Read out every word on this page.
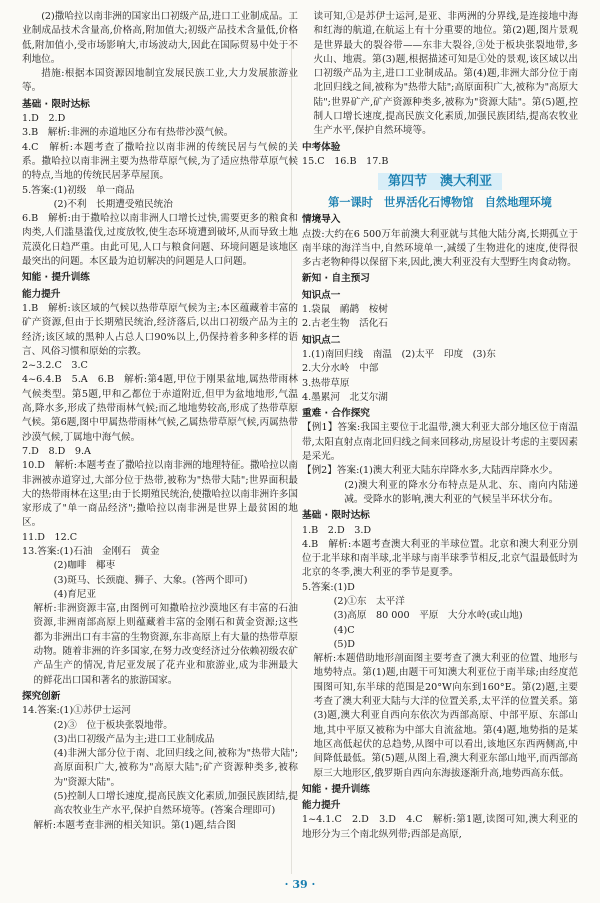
(2)撒哈拉以南非洲的国家出口初级产品,进口工业制成品。工业制成品技术含量高,价格高,附加值大;初级产品技术含量低,价格低,附加值小,受市场影响大,市场波动大,因此在国际贸易中处于不利地位。

措施:根据本国资源因地制宜发展民族工业,大力发展旅游业等。

基础 · 限时达标

1.D　2.D

3.B　解析:非洲的赤道地区分布有热带沙漠气候。

4.C　解析:本题考查了撒哈拉以南非洲的传统民居与气候的关系。撒哈拉以南非洲主要为热带草原气候,为了适应热带草原气候的特点,当地的传统民居茅草屋顶。

5.答案:(1)初级　单一商品

(2)不利　长期遭受殖民统治

6.B　解析:由于撒哈拉以南非洲人口增长过快,需要更多的粮食和肉类,人们滥垦滥伐,过度放牧,使生态环境遭到破坏,从而导致土地荒漠化日趋严重。由此可见,人口与粮食问题、环境问题是该地区最突出的问题。本区最为迫切解决的问题是人口问题。

知能 · 提升训练

能力提升

1.B　解析:该区域的气候以热带草原气候为主;本区蕴藏着丰富的矿产资源,但由于长期殖民统治,经济落后,以出口初级产品为主的经济;该区域的黑种人占总人口90%以上,仍保持着多种多样的语言、风俗习惯和原始的宗教。

2~3.2.C　3.C

4~6.4.B　5.A　6.B　解析:第4题,甲位于刚果盆地,属热带雨林气候类型。第5题,甲和乙都位于赤道附近,但甲为盆地地形,气温高,降水多,形成了热带雨林气候;而乙地地势较高,形成了热带草原气候。第6题,图中甲属热带雨林气候,乙属热带草原气候,丙属热带沙漠气候,丁属地中海气候。

7.D　8.D　9.A

10.D　解析:本题考查了撒哈拉以南非洲的地理特征。撒哈拉以南非洲被赤道穿过,大部分位于热带,被称为"热带大陆";世界面积最大的热带雨林在这里;由于长期殖民统治,使撒哈拉以南非洲许多国家形成了"单一商品经济";撒哈拉以南非洲是世界上最贫困的地区。

11.D　12.C

13.答案:(1)石油　金刚石　黄金

(2)咖啡　椰枣

(3)斑马、长颈鹿、狮子、大象。(答两个即可)

(4)育尼亚

解析:非洲资源丰富,由图例可知撒哈拉沙漠地区有丰富的石油资源,非洲南部高原上则蕴藏着丰富的金刚石和黄金资源;这些都为非洲出口有丰富的生物资源,东非高原上有大量的热带草原动物。随着非洲的许多国家,在努力改变经济过分依赖初级农矿产品生产的情况,肯尼亚发展了花卉业和旅游业,成为非洲最大的鲜花出口国和著名的旅游国家。

探究创新

14.答案:(1)①苏伊士运河

(2)③　位于板块张裂地带。

(3)出口初级产品为主;进口工业制成品

(4)非洲大部分位于南、北回归线之间,被称为"热带大陆";高原面积广大,被称为"高原大陆";矿产资源种类多,被称为"资源大陆"。

(5)控制人口增长速度,提高民族文化素质,加强民族团结,提高农牧业生产水平,保护自然环境等。(答案合理即可)

解析:本题考查非洲的相关知识。第(1)题,结合图

读可知,①是苏伊士运河,是亚、非两洲的分界线,是连接地中海和红海的航道,在航运上有十分重要的地位。第(2)题,图片景观是世界最大的裂谷带——东非大裂谷,③处于板块张裂地带,多火山、地震。第(3)题,根据描述可知是①处的景观,该区域以出口初级产品为主,进口工业制成品。第(4)题,非洲大部分位于南北回归线之间,被称为"热带大陆";高原面积广大,被称为"高原大陆";世界矿产,矿产资源种类多,被称为"资源大陆"。第(5)题,控制人口增长速度,提高民族文化素质,加强民族团结,提高农牧业生产水平,保护自然环境等。

中考体验

15.C　16.B　17.B

第四节　澳大利亚
第一课时　世界活化石博物馆　自然地理环境

情境导入

点拨:大约在6 500万年前澳大利亚就与其他大陆分离,长期孤立于南半球的海洋当中,自然环境单一,减缓了生物进化的速度,使得很多古老物种得以保留下来,因此,澳大利亚没有大型野生肉食动物。

新知 · 自主预习

知识点一

1.袋鼠　鸸鹋　桉树

2.古老生物　活化石

知识点二

1.(1)南回归线　南温　(2)太平　印度　(3)东

2.大分水岭　中部

3.热带草原

4.墨累河　北艾尔湖

重难 · 合作探究

【例1】答案:我国主要位于北温带,澳大利亚大部分地区位于南温带,太阳直射点南北回归线之间来回移动,房屋设计考虑的主要因素是采光。

【例2】答案:(1)澳大利亚大陆东岸降水多,大陆西岸降水少。

(2)澳大利亚的降水分布特点是从北、东、南向内陆递减。受降水的影响,澳大利亚的气候呈半环状分布。

基础 · 限时达标

1.B　2.D　3.D

4.B　解析:本题考查澳大利亚的半球位置。北京和澳大利亚分别位于北半球和南半球,北半球与南半球季节相反,北京气温最低时为北京的冬季,澳大利亚的季节是夏季。

5.答案:(1)D

(2)①东　太平洋

(3)高原　80 000　平原　大分水岭(或山地)

(4)C

(5)D

解析:本题借助地形剖面图主要考查了澳大利亚的位置、地形与地势特点。第(1)题,由题干可知澳大利亚位于南半球;由经度范围图可知,东半球的范围是20°W向东到160°E。第(2)题,主要考查了澳大利亚大陆与大洋的位置关系,太平洋的位置关系。第(3)题,澳大利亚自西向东依次为西部高原、中部平原、东部山地,其中平原又被称为中部大自流盆地。第(4)题,地势指的是某地区高低起伏的总趋势,从图中可以看出,该地区东西两侧高,中间降低最低。第(5)题,从图上看,澳大利亚东部山地平,而西部高原三大地形区,俄罗斯自西向东海拔逐渐升高,地势西高东低。

知能 · 提升训练

能力提升

1~4.1.C　2.D　3.D　4.C　解析:第1题,读图可知,澳大利亚的地形分为三个南北纵列带;西部是高原,

· 39 ·
